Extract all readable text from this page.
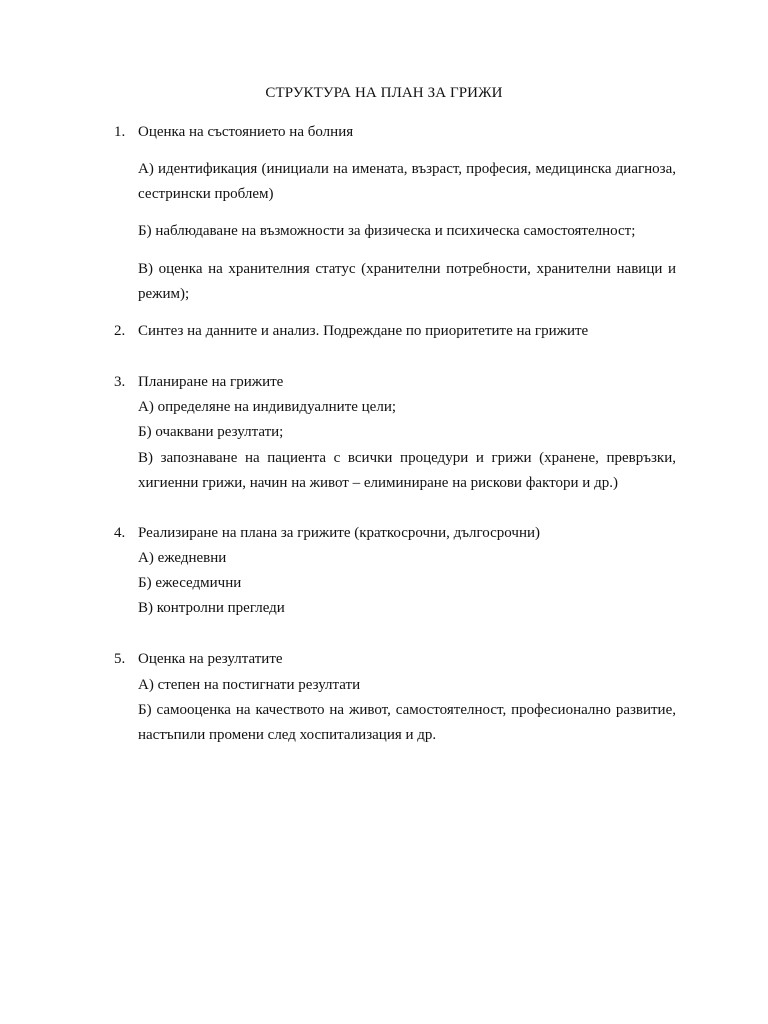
СТРУКТУРА НА ПЛАН ЗА ГРИЖИ
1. Оценка на състоянието на болния
А) идентификация (инициали на имената, възраст, професия, медицинска диагноза, сестрински проблем)
Б) наблюдаване на възможности за физическа и психическа самостоятелност;
В) оценка на хранителния статус (хранителни потребности, хранителни навици и режим);
2. Синтез на данните и анализ. Подреждане по приоритетите на грижите
3. Планиране на грижите
А) определяне на индивидуалните цели;
Б) очаквани резултати;
В) запознаване на пациента с всички процедури и грижи (хранене, превръзки, хигиенни грижи, начин на живот – елиминиране на рискови фактори и др.)
4. Реализиране на плана за грижите (краткосрочни, дългосрочни)
А) ежедневни
Б) ежеседмични
В) контролни прегледи
5. Оценка на резултатите
А) степен на постигнати резултати
Б) самооценка на качеството на живот, самостоятелност, професионално развитие, настъпили промени след хоспитализация и др.
